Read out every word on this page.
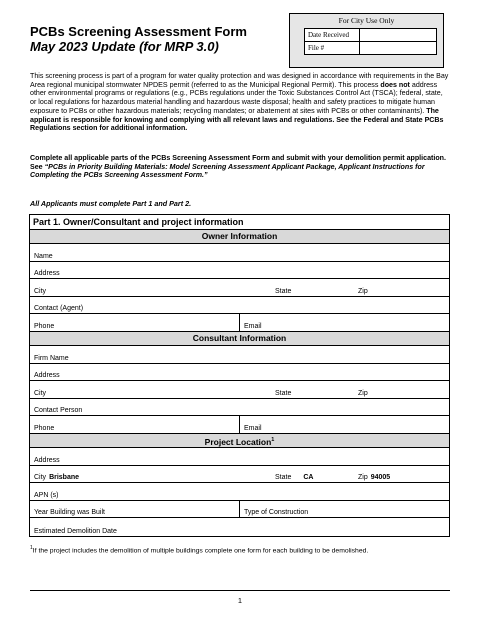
PCBs Screening Assessment Form
May 2023 Update (for MRP 3.0)
For City Use Only
Date Received	
File #	
This screening process is part of a program for water quality protection and was designed in accordance with requirements in the Bay Area regional municipal stormwater NPDES permit (referred to as the Municipal Regional Permit). This process does not address other environmental programs or regulations (e.g., PCBs regulations under the Toxic Substances Control Act (TSCA); federal, state, or local regulations for hazardous material handling and hazardous waste disposal; health and safety practices to mitigate human exposure to PCBs or other hazardous materials; recycling mandates; or abatement at sites with PCBs or other contaminants). The applicant is responsible for knowing and complying with all relevant laws and regulations. See the Federal and State PCBs Regulations section for additional information.
Complete all applicable parts of the PCBs Screening Assessment Form and submit with your demolition permit application. See “PCBs in Priority Building Materials: Model Screening Assessment Applicant Package, Applicant Instructions for Completing the PCBs Screening Assessment Form.”
All Applicants must complete Part 1 and Part 2.
Part 1. Owner/Consultant and project information
Owner Information
Name
Address
City	State	Zip
Contact (Agent)
Phone	Email
Consultant Information
Firm Name
Address
City	State	Zip
Contact Person
Phone	Email
Project Location$^1$
Address
City Brisbane	State CA	Zip 94005
APN (s)
Year Building was Built	Type of Construction
Estimated Demolition Date
$^1$If the project includes the demolition of multiple buildings complete one form for each building to be demolished.
1
